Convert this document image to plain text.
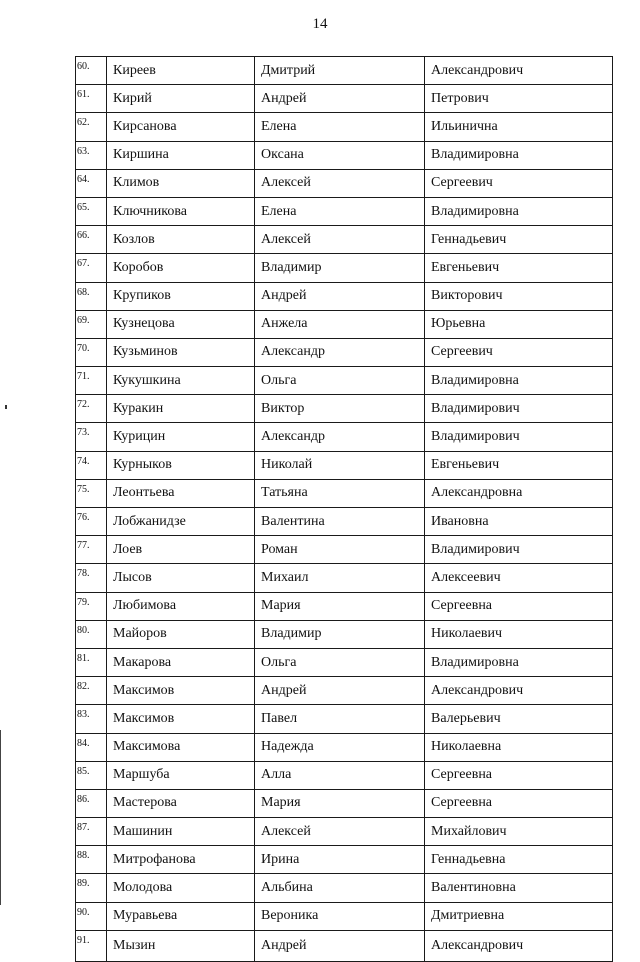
14
60.	Киреев	Дмитрий	Александрович
61.	Кирий	Андрей	Петрович
62.	Кирсанова	Елена	Ильинична
63.	Киршина	Оксана	Владимировна
64.	Климов	Алексей	Сергеевич
65.	Ключникова	Елена	Владимировна
66.	Козлов	Алексей	Геннадьевич
67.	Коробов	Владимир	Евгеньевич
68.	Крупиков	Андрей	Викторович
69.	Кузнецова	Анжела	Юрьевна
70.	Кузьминов	Александр	Сергеевич
71.	Кукушкина	Ольга	Владимировна
72.	Куракин	Виктор	Владимирович
73.	Курицин	Александр	Владимирович
74.	Курныков	Николай	Евгеньевич
75.	Леонтьева	Татьяна	Александровна
76.	Лобжанидзе	Валентина	Ивановна
77.	Лоев	Роман	Владимирович
78.	Лысов	Михаил	Алексеевич
79.	Любимова	Мария	Сергеевна
80.	Майоров	Владимир	Николаевич
81.	Макарова	Ольга	Владимировна
82.	Максимов	Андрей	Александрович
83.	Максимов	Павел	Валерьевич
84.	Максимова	Надежда	Николаевна
85.	Маршуба	Алла	Сергеевна
86.	Мастерова	Мария	Сергеевна
87.	Машинин	Алексей	Михайлович
88.	Митрофанова	Ирина	Геннадьевна
89.	Молодова	Альбина	Валентиновна
90.	Муравьева	Вероника	Дмитриевна
91.	Мызин	Андрей	Александрович
